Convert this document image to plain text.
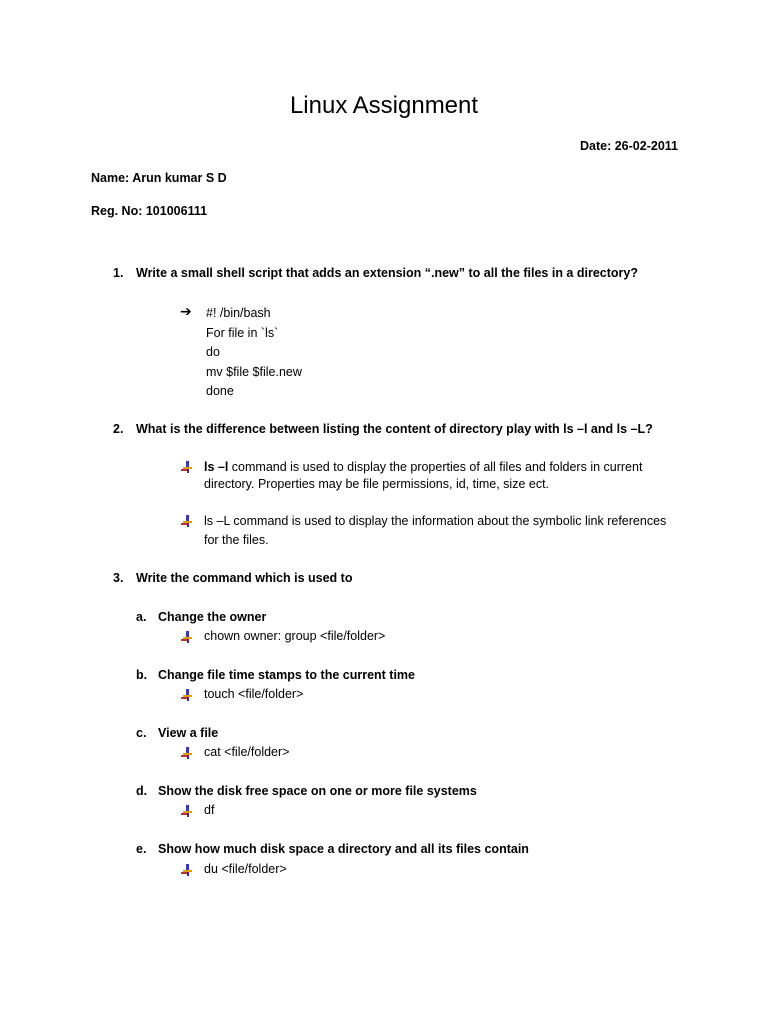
Linux Assignment
Date: 26-02-2011
Name: Arun kumar S D
Reg. No: 101006111
1. Write a small shell script that adds an extension “.new” to all the files in a directory?
➔ #! /bin/bash
For file in `ls`
do
mv $file $file.new
done
2. What is the difference between listing the content of directory play with ls –l and ls –L?
ls –l command is used to display the properties of all files and folders in current directory. Properties may be file permissions, id, time, size ect.
ls –L command is used to display the information about the symbolic link references for the files.
3. Write the command which is used to
a. Change the owner
chown owner: group <file/folder>
b. Change file time stamps to the current time
touch <file/folder>
c. View a file
cat <file/folder>
d. Show the disk free space on one or more file systems
df
e. Show how much disk space a directory and all its files contain
du <file/folder>
